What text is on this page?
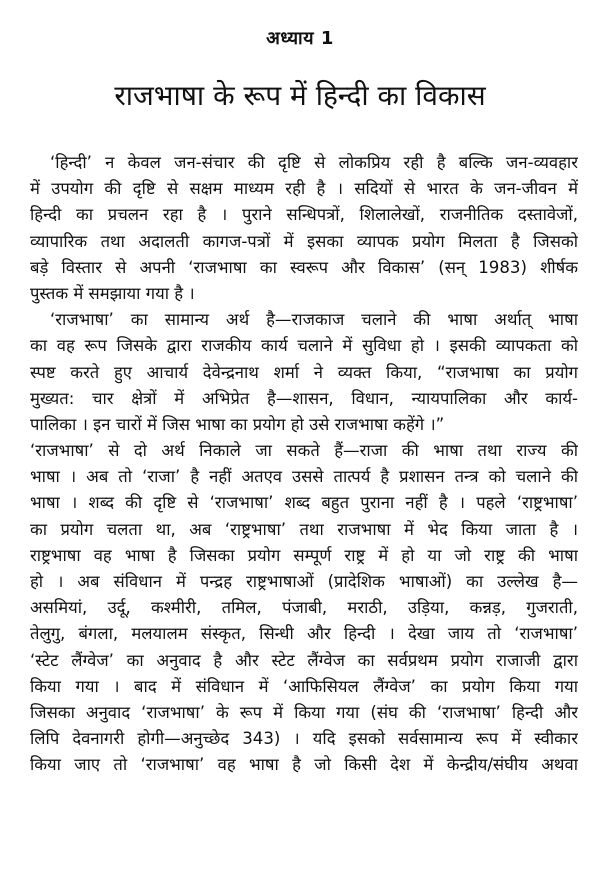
अध्याय 1
राजभाषा के रूप में हिन्दी का विकास
‘हिन्दी’ न केवल जन-संचार की दृष्टि से लोकप्रिय रही है बल्कि जन-व्यवहार
में उपयोग की दृष्टि से सक्षम माध्यम रही है । सदियों से भारत के जन-जीवन में
हिन्दी का प्रचलन रहा है । पुराने सन्धिपत्रों, शिलालेखों, राजनीतिक दस्तावेजों,
व्यापारिक तथा अदालती कागज-पत्रों में इसका व्यापक प्रयोग मिलता है जिसको
बड़े विस्तार से अपनी ‘राजभाषा का स्वरूप और विकास’ (सन् 1983) शीर्षक
पुस्तक में समझाया गया है ।
‘राजभाषा’ का सामान्य अर्थ है—राजकाज चलाने की भाषा अर्थात् भाषा
का वह रूप जिसके द्वारा राजकीय कार्य चलाने में सुविधा हो । इसकी व्यापकता को
स्पष्ट करते हुए आचार्य देवेन्द्रनाथ शर्मा ने व्यक्त किया, “राजभाषा का प्रयोग
मुख्यत: चार क्षेत्रों में अभिप्रेत है—शासन, विधान, न्यायपालिका और कार्य-
पालिका । इन चारों में जिस भाषा का प्रयोग हो उसे राजभाषा कहेंगे ।”
‘राजभाषा’ से दो अर्थ निकाले जा सकते हैं—राजा की भाषा तथा राज्य की
भाषा । अब तो ‘राजा’ है नहीं अतएव उससे तात्पर्य है प्रशासन तन्त्र को चलाने की
भाषा । शब्द की दृष्टि से ‘राजभाषा’ शब्द बहुत पुराना नहीं है । पहले ‘राष्ट्रभाषा’
का प्रयोग चलता था, अब ‘राष्ट्रभाषा’ तथा राजभाषा में भेद किया जाता है ।
राष्ट्रभाषा वह भाषा है जिसका प्रयोग सम्पूर्ण राष्ट्र में हो या जो राष्ट्र की भाषा
हो । अब संविधान में पन्द्रह राष्ट्रभाषाओं (प्रादेशिक भाषाओं) का उल्लेख है—
असमियां, उर्दू, कश्मीरी, तमिल, पंजाबी, मराठी, उड़िया, कन्नड़, गुजराती,
तेलुगु, बंगला, मलयालम संस्कृत, सिन्धी और हिन्दी । देखा जाय तो ‘राजभाषा’
‘स्टेट लैंग्वेज’ का अनुवाद है और स्टेट लैंग्वेज का सर्वप्रथम प्रयोग राजाजी द्वारा
किया गया । बाद में संविधान में ‘आफिसियल लैंग्वेज’ का प्रयोग किया गया
जिसका अनुवाद ‘राजभाषा’ के रूप में किया गया (संघ की ‘राजभाषा’ हिन्दी और
लिपि देवनागरी होगी—अनुच्छेद 343) । यदि इसको सर्वसामान्य रूप में स्वीकार
किया जाए तो ‘राजभाषा’ वह भाषा है जो किसी देश में केन्द्रीय/संघीय अथवा
